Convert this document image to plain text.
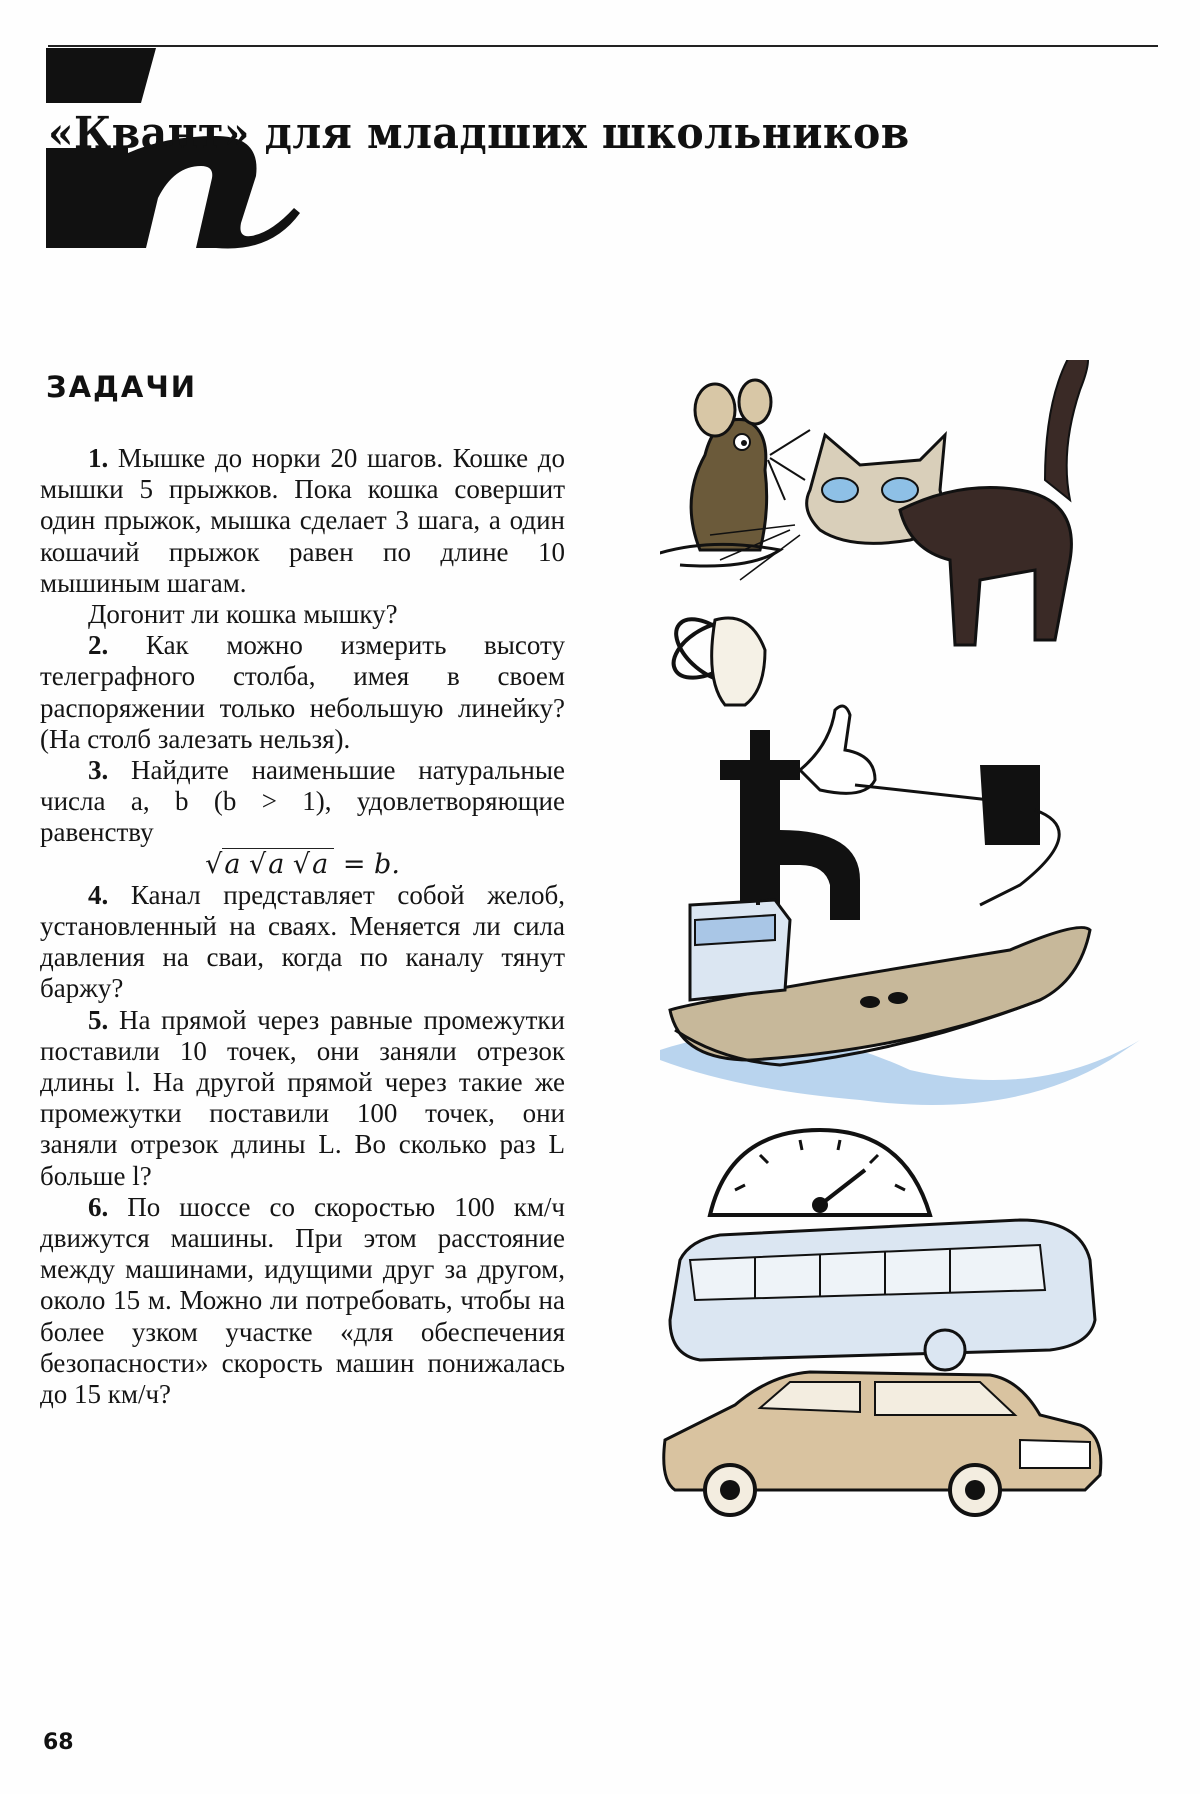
«Квант» для младших школьников
ЗАДАЧИ

1. Мышке до норки 20 шагов. Кошке до мышки 5 прыжков. Пока кошка совершит один прыжок, мышка сделает 3 шага, а один кошачий прыжок равен по длине 10 мышиным шагам.

Догонит ли кошка мышку?

2. Как можно измерить высоту телеграфного столба, имея в своем распоряжении только небольшую линейку? (На столб залезать нельзя).

3. Найдите наименьшие натуральные числа a, b (b > 1), удовлетворяющие равенству

√a √a √a = b.

4. Канал представляет собой желоб, установленный на сваях. Меняется ли сила давления на сваи, когда по каналу тянут баржу?

5. На прямой через равные промежутки поставили 10 точек, они заняли отрезок длины l. На другой прямой через такие же промежутки поставили 100 точек, они заняли отрезок длины L. Во сколько раз L больше l?

6. По шоссе со скоростью 100 км/ч движутся машины. При этом расстояние между машинами, идущими друг за другом, около 15 м. Можно ли потребовать, чтобы на более узком участке «для обеспечения безопасности» скорость машин понижалась до 15 км/ч?

68
